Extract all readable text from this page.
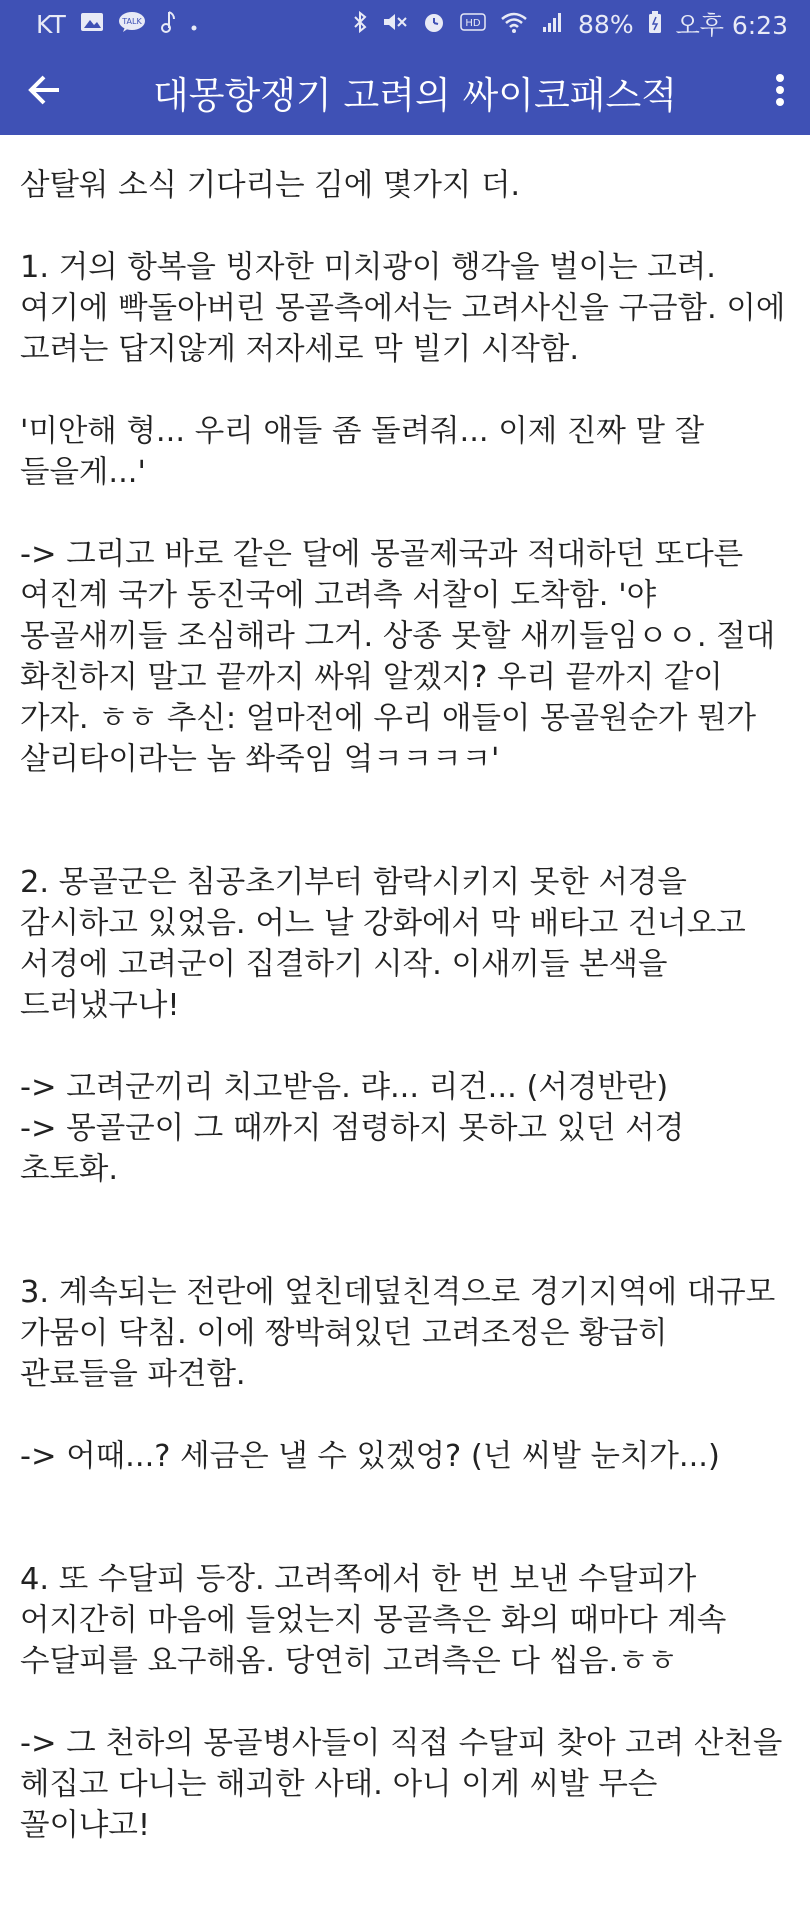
KT	TALK	HD	88% 오후 6:23
대몽항쟁기 고려의 싸이코패스적

삼탈워 소식 기다리는 김에 몇가지 더.

1. 거의 항복을 빙자한 미치광이 행각을 벌이는 고려. 여기에 빡돌아버린 몽골측에서는 고려사신을 구금함. 이에 고려는 답지않게 저자세로 막 빌기 시작함.

'미안해 형... 우리 애들 좀 돌려줘... 이제 진짜 말 잘 들을게...'

-> 그리고 바로 같은 달에 몽골제국과 적대하던 또다른 여진계 국가 동진국에 고려측 서찰이 도착함. '야 몽골새끼들 조심해라 그거. 상종 못할 새끼들임ㅇㅇ. 절대 화친하지 말고 끝까지 싸워 알겠지? 우리 끝까지 같이 가자. ㅎㅎ 추신: 얼마전에 우리 애들이 몽골원순가 뭔가 살리타이라는 놈 쏴죽임 엌ㅋㅋㅋㅋ'

2. 몽골군은 침공초기부터 함락시키지 못한 서경을 감시하고 있었음. 어느 날 강화에서 막 배타고 건너오고 서경에 고려군이 집결하기 시작. 이새끼들 본색을 드러냈구나!

-> 고려군끼리 치고받음. 랴... 리건... (서경반란)
-> 몽골군이 그 때까지 점령하지 못하고 있던 서경 초토화.

3. 계속되는 전란에 엎친데덮친격으로 경기지역에 대규모 가뭄이 닥침. 이에 짱박혀있던 고려조정은 황급히 관료들을 파견함.

-> 어때...? 세금은 낼 수 있겠엉? (넌 씨발 눈치가...)

4. 또 수달피 등장. 고려쪽에서 한 번 보낸 수달피가 어지간히 마음에 들었는지 몽골측은 화의 때마다 계속 수달피를 요구해옴. 당연히 고려측은 다 씹음.ㅎㅎ

-> 그 천하의 몽골병사들이 직접 수달피 찾아 고려 산천을 헤집고 다니는 해괴한 사태. 아니 이게 씨발 무슨 꼴이냐고!
